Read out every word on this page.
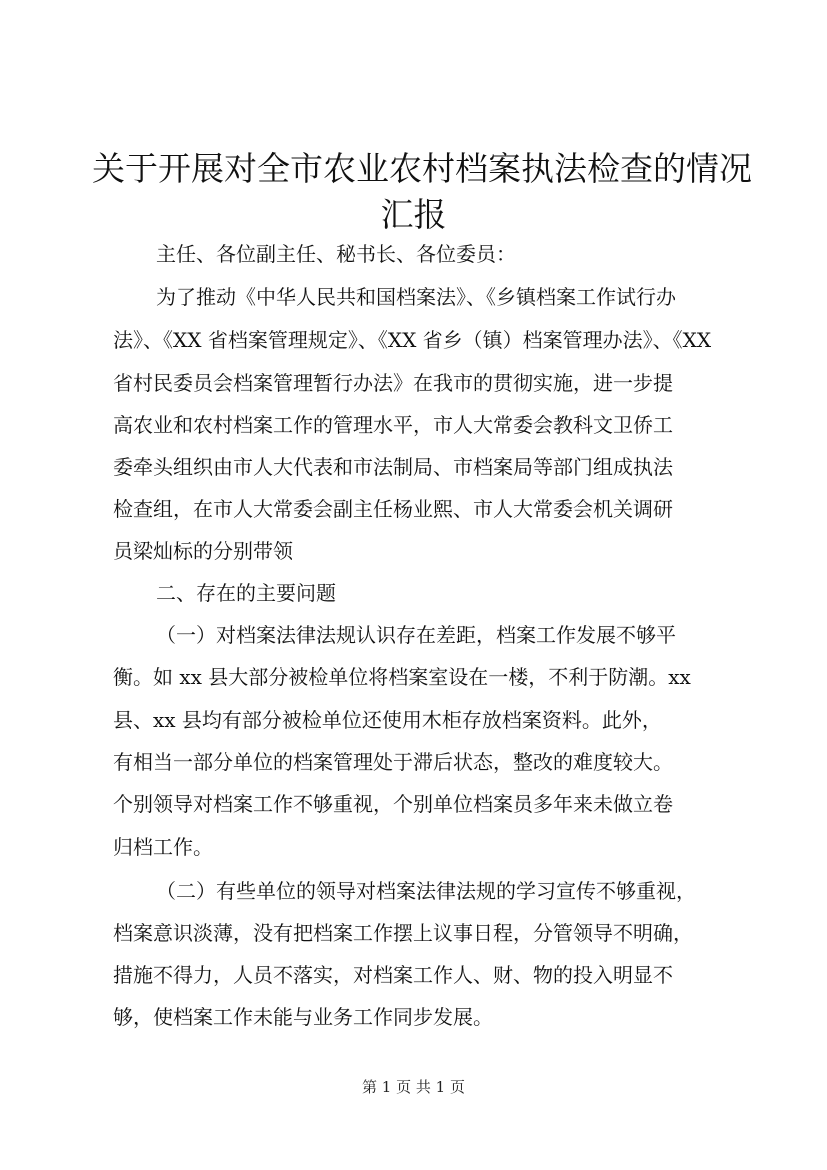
关于开展对全市农业农村档案执法检查的情况
汇报

主任、各位副主任、秘书长、各位委员：

为了推动《中华人民共和国档案法》、《乡镇档案工作试行办

法》、《XX 省档案管理规定》、《XX 省乡（镇）档案管理办法》、《XX

省村民委员会档案管理暂行办法》在我市的贯彻实施，进一步提

高农业和农村档案工作的管理水平，市人大常委会教科文卫侨工

委牵头组织由市人大代表和市法制局、市档案局等部门组成执法

检查组，在市人大常委会副主任杨业熙、市人大常委会机关调研

员梁灿标的分别带领

二、存在的主要问题

（一）对档案法律法规认识存在差距，档案工作发展不够平

衡。如 xx 县大部分被检单位将档案室设在一楼，不利于防潮。xx

县、xx 县均有部分被检单位还使用木柜存放档案资料。此外，

有相当一部分单位的档案管理处于滞后状态，整改的难度较大。

个别领导对档案工作不够重视，个别单位档案员多年来未做立卷

归档工作。

（二）有些单位的领导对档案法律法规的学习宣传不够重视，

档案意识淡薄，没有把档案工作摆上议事日程，分管领导不明确，

措施不得力，人员不落实，对档案工作人、财、物的投入明显不

够，使档案工作未能与业务工作同步发展。

第 1 页 共 1 页
